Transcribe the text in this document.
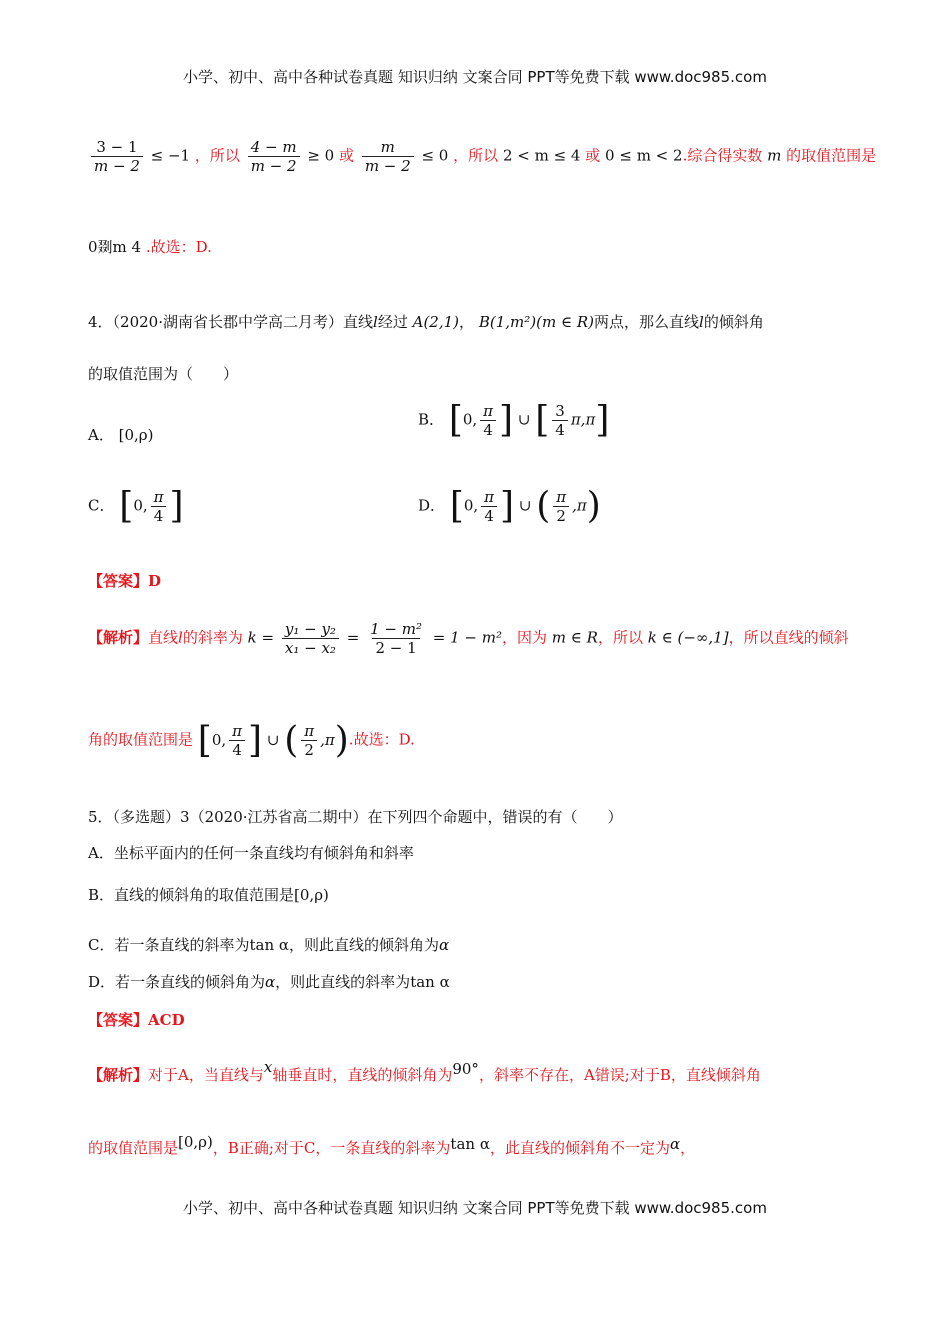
小学、初中、高中各种试卷真题 知识归纳 文案合同 PPT等免费下载 www.doc985.com
$\frac{3 - 1}{m - 2} \le -1$ ，所以 $\frac{4 - m}{m - 2} \ge 0$ 或 $\frac{m}{m - 2} \le 0$ ，所以 2 < m ≤ 4 或 0 ≤ m < 2.综合得实数 m 的取值范围是
0剟m 4 .故选：D.
4．（2020·湖南省长郡中学高二月考）直线l经过 A(2,1)， B(1,m²)(m ∈ R)两点，那么直线l的倾斜角
的取值范围为（　　）
A． [0,ρ)
B． [0, $\frac{\pi}{4}$ ] ∪ [ $\frac{3}{4} \pi,\pi$]
C． [0, $\frac{\pi}{4}$ ]	D． [0, $\frac{\pi}{4}$ ] ∪ ( $\frac{\pi}{2} ,\pi$)
【答案】D
【解析】直线l的斜率为 $k = \frac{\text{y₁ − y₂}}{\text{x₁ − x₂}} = \frac{\text{1 − m²}}{2 - 1} = 1 - m^2$，因为 m ∈ R，所以 k ∈ (−∞,1]，所以直线的倾斜
角的取值范围是 [0, $\frac{\pi}{4}$ ] ∪ ( $\frac{\pi}{2} ,\pi$).故选：D.
5．（多选题）3（2020·江苏省高二期中）在下列四个命题中，错误的有（　　）
A．坐标平面内的任何一条直线均有倾斜角和斜率
B．直线的倾斜角的取值范围是[0,ρ)
C．若一条直线的斜率为tan α，则此直线的倾斜角为α
D．若一条直线的倾斜角为α，则此直线的斜率为tan α
【答案】ACD
【解析】对于A，当直线与x轴垂直时，直线的倾斜角为90°，斜率不存在，A错误;对于B，直线倾斜角
的取值范围是[0,ρ)，B正确;对于C，一条直线的斜率为tan α，此直线的倾斜角不一定为α，
小学、初中、高中各种试卷真题 知识归纳 文案合同 PPT等免费下载 www.doc985.com
